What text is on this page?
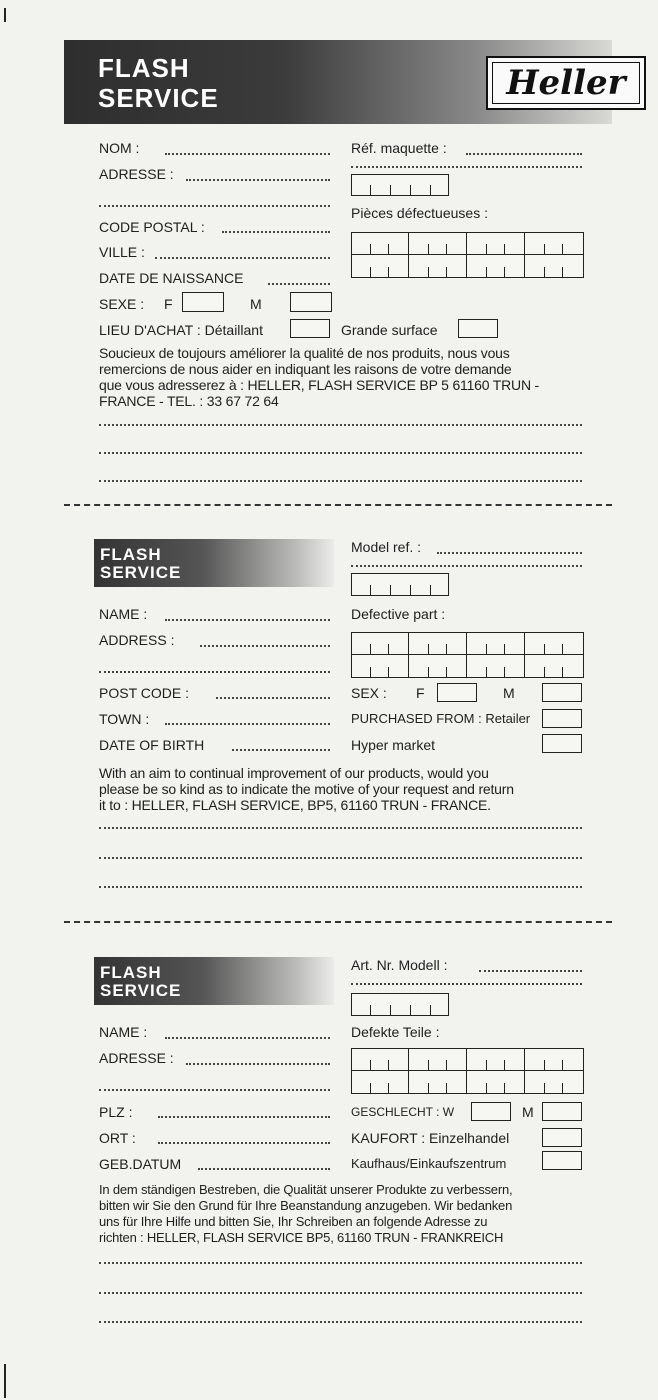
FLASH
SERVICE	Heller
NOM :
ADRESSE :
CODE POSTAL :
VILLE :
DATE DE NAISSANCE
SEXE : F	M
LIEU D'ACHAT : Détaillant	Grande surface
Réf. maquette :
Pièces défectueuses :
Soucieux de toujours améliorer la qualité de nos produits, nous vous
remercions de nous aider en indiquant les raisons de votre demande
que vous adresserez à : HELLER, FLASH SERVICE BP 5 61160 TRUN -
FRANCE - TEL. : 33 67 72 64
FLASH
SERVICE
Model ref. :
NAME :
ADDRESS :
Defective part :
POST CODE :
TOWN :
DATE OF BIRTH
SEX : F	M
PURCHASED FROM : Retailer
Hyper market
With an aim to continual improvement of our products, would you
please be so kind as to indicate the motive of your request and return
it to : HELLER, FLASH SERVICE, BP5, 61160 TRUN - FRANCE.
FLASH
SERVICE
Art. Nr. Modell :
NAME :
ADRESSE :
Defekte Teile :
PLZ :
ORT :
GEB.DATUM
GESCHLECHT : W	M
KAUFORT : Einzelhandel
Kaufhaus/Einkaufszentrum
In dem ständigen Bestreben, die Qualität unserer Produkte zu verbessern,
bitten wir Sie den Grund für Ihre Beanstandung anzugeben. Wir bedanken
uns für Ihre Hilfe und bitten Sie, Ihr Schreiben an folgende Adresse zu
richten : HELLER, FLASH SERVICE BP5, 61160 TRUN - FRANKREICH
